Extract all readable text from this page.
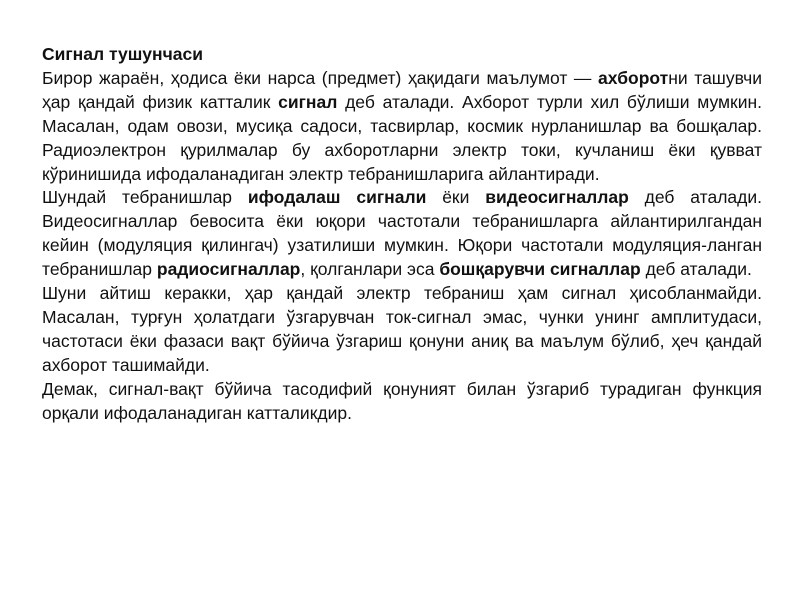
Сигнал тушунчаси

Бирор жараён, ҳодиса ёки нарса (предмет) ҳақидаги маълумот — ахборотни ташувчи ҳар қандай физик катталик сигнал деб аталади. Ахборот турли хил бўлиши мумкин. Масалан, одам овози, мусиқа садоси, тасвирлар, космик нурланишлар ва бошқалар. Радиоэлектрон қурилмалар бу ахборотларни электр токи, кучланиш ёки қувват кўринишида ифодаланадиган электр тебранишларига айлантиради.

Шундай тебранишлар ифодалаш сигнали ёки видеосигналлар деб аталади. Видеосигналлар бевосита ёки юқори частотали тебранишларга айлантирилгандан кейин (модуляция қилингач) узатилиши мумкин. Юқори частотали модуляция-ланган тебранишлар радиосигналлар, қолганлари эса бошқарувчи сигналлар деб аталади.

Шуни айтиш керакки, ҳар қандай электр тебраниш ҳам сигнал ҳисобланмайди. Масалан, турғун ҳолатдаги ўзгарувчан ток-сигнал эмас, чунки унинг амплитудаси, частотаси ёки фазаси вақт бўйича ўзгариш қонуни аниқ ва маълум бўлиб, ҳеч қандай ахборот ташимайди.

Демак, сигнал-вақт бўйича тасодифий қонуният билан ўзгариб турадиган функция орқали ифодаланадиган катталикдир.
